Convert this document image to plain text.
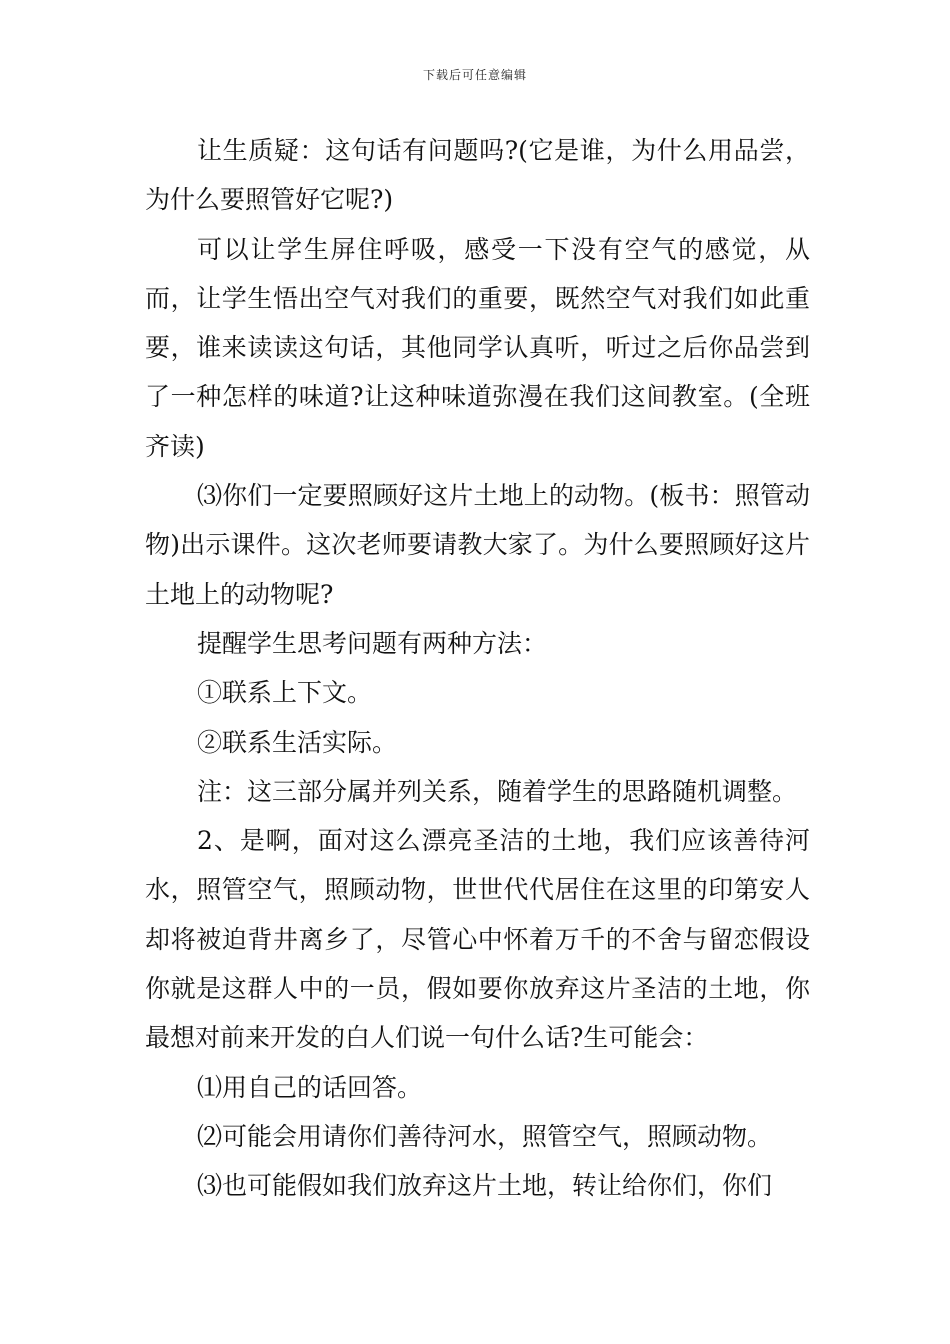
下载后可任意编辑

让生质疑：这句话有问题吗?(它是谁，为什么用品尝，为什么要照管好它呢?)

可以让学生屏住呼吸，感受一下没有空气的感觉，从而，让学生悟出空气对我们的重要，既然空气对我们如此重要，谁来读读这句话，其他同学认真听，听过之后你品尝到了一种怎样的味道?让这种味道弥漫在我们这间教室。(全班齐读)

⑶你们一定要照顾好这片土地上的动物。(板书：照管动物)出示课件。这次老师要请教大家了。为什么要照顾好这片土地上的动物呢?

提醒学生思考问题有两种方法：

①联系上下文。

②联系生活实际。

注：这三部分属并列关系，随着学生的思路随机调整。

2、是啊，面对这么漂亮圣洁的土地，我们应该善待河水，照管空气，照顾动物，世世代代居住在这里的印第安人却将被迫背井离乡了，尽管心中怀着万千的不舍与留恋假设你就是这群人中的一员，假如要你放弃这片圣洁的土地，你最想对前来开发的白人们说一句什么话?生可能会：

⑴用自己的话回答。

⑵可能会用请你们善待河水，照管空气，照顾动物。

⑶也可能假如我们放弃这片土地，转让给你们，你们
